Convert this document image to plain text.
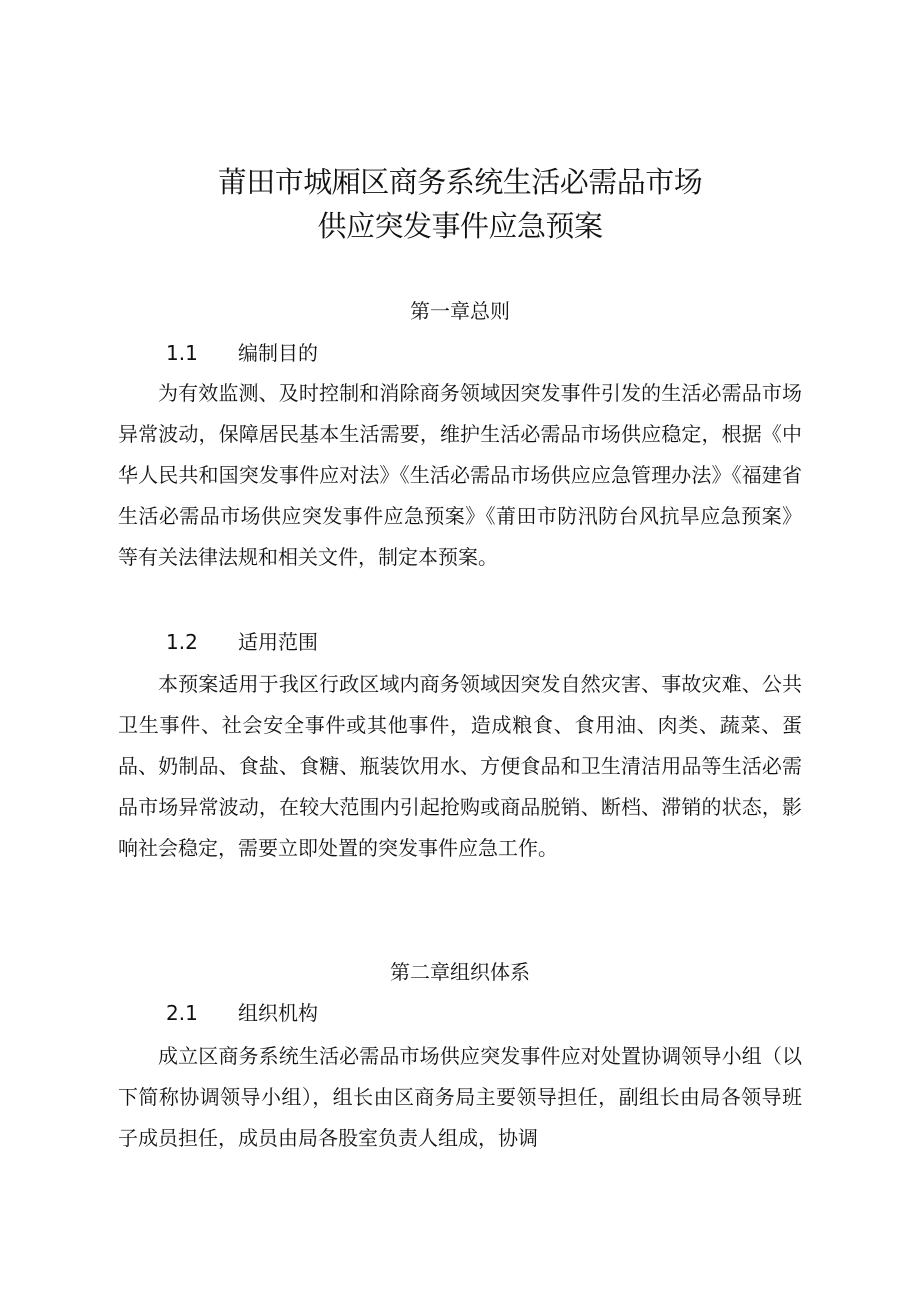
莆田市城厢区商务系统生活必需品市场
供应突发事件应急预案
第一章总则
1.1 编制目的

为有效监测、及时控制和消除商务领域因突发事件引发的生活必需品市场异常波动，保障居民基本生活需要，维护生活必需品市场供应稳定，根据《中华人民共和国突发事件应对法》《生活必需品市场供应应急管理办法》《福建省生活必需品市场供应突发事件应急预案》《莆田市防汛防台风抗旱应急预案》等有关法律法规和相关文件，制定本预案。

1.2 适用范围

本预案适用于我区行政区域内商务领域因突发自然灾害、事故灾难、公共卫生事件、社会安全事件或其他事件，造成粮食、食用油、肉类、蔬菜、蛋品、奶制品、食盐、食糖、瓶装饮用水、方便食品和卫生清洁用品等生活必需品市场异常波动，在较大范围内引起抢购或商品脱销、断档、滞销的状态，影响社会稳定，需要立即处置的突发事件应急工作。

第二章组织体系
2.1 组织机构

成立区商务系统生活必需品市场供应突发事件应对处置协调领导小组（以下简称协调领导小组），组长由区商务局主要领导担任，副组长由局各领导班子成员担任，成员由局各股室负责人组成，协调
